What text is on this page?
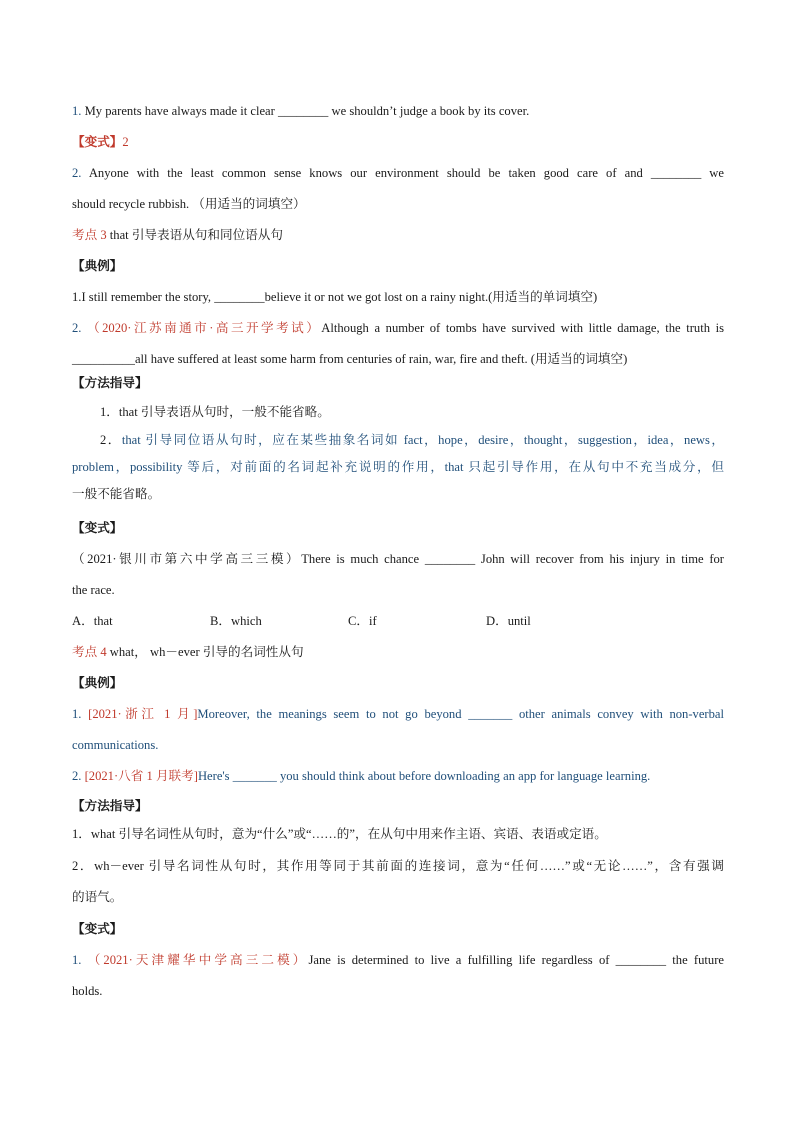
1. My parents have always made it clear ________ we shouldn’t judge a book by its cover.
【变式】2
2. Anyone with the least common sense knows our environment should be taken good care of and ________ we
should recycle rubbish. （用适当的词填空）
考点 3 that 引导表语从句和同位语从句
【典例】
1.I still remember the story, ________believe it or not we got lost on a rainy night.(用适当的单词填空)
2. （2020·江苏南通市·高三开学考试）Although a number of tombs have survived with little damage, the truth is
__________all have suffered at least some harm from centuries of rain, war, fire and theft. (用适当的词填空)
【方法指导】
1．that 引导表语从句时，一般不能省略。
2．that 引导同位语从句时，应在某些抽象名词如 fact，hope，desire，thought，suggestion，idea，news，
problem，possibility 等后，对前面的名词起补充说明的作用，that 只起引导作用，在从句中不充当成分，但
一般不能省略。
【变式】
（2021·银川市第六中学高三三模）There is much chance ________ John will recover from his injury in time for
the race.
A．that	B．which	C．if	D．until
考点 4 what， wh－ever 引导的名词性从句
【典例】
1. [2021·浙江 1 月]Moreover, the meanings seem to not go beyond _______ other animals convey with non-verbal
communications.
2. [2021·八省 1 月联考]Here's _______ you should think about before downloading an app for language learning.
【方法指导】
1．what 引导名词性从句时，意为“什么”或“……的”，在从句中用来作主语、宾语、表语或定语。
2．wh－ever 引导名词性从句时，其作用等同于其前面的连接词，意为“任何……”或“无论……”，含有强调
的语气。
【变式】
1. （2021·天津耀华中学高三二模）Jane is determined to live a fulfilling life regardless of ________ the future
holds.
